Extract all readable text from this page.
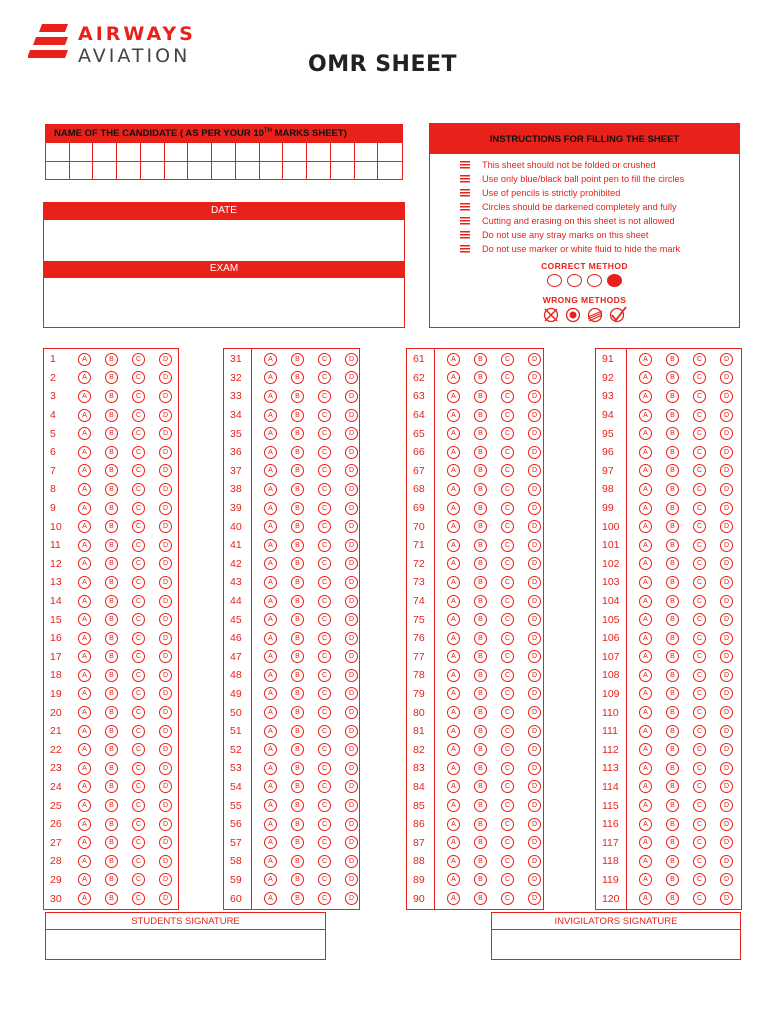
AIRWAYS
AVIATION	OMR SHEET
NAME OF THE CANDIDATE ( AS PER YOUR 10TH MARKS SHEET)
DATE
EXAM
INSTRUCTIONS FOR FILLING THE SHEET
This sheet should not be folded or crushed
Use only blue/black ball point pen to fill the circles
Use of pencils is strictly prohibited
Circles should be darkened completely and fully
Cutting and erasing on this sheet is not allowed
Do not use any stray marks on this sheet
Do not use marker or white fluid to hide the mark
CORRECT METHOD
WRONG METHODS
1	A	B	C	D
2	A	B	C	D
3	A	B	C	D
4	A	B	C	D
5	A	B	C	D
6	A	B	C	D
7	A	B	C	D
8	A	B	C	D
9	A	B	C	D
10	A	B	C	D
11	A	B	C	D
12	A	B	C	D
13	A	B	C	D
14	A	B	C	D
15	A	B	C	D
16	A	B	C	D
17	A	B	C	D
18	A	B	C	D
19	A	B	C	D
20	A	B	C	D
21	A	B	C	D
22	A	B	C	D
23	A	B	C	D
24	A	B	C	D
25	A	B	C	D
26	A	B	C	D
27	A	B	C	D
28	A	B	C	D
29	A	B	C	D
30	A	B	C	D
31	A	B	C	D
32	A	B	C	D
33	A	B	C	D
34	A	B	C	D
35	A	B	C	D
36	A	B	C	D
37	A	B	C	D
38	A	B	C	D
39	A	B	C	D
40	A	B	C	D
41	A	B	C	D
42	A	B	C	D
43	A	B	C	D
44	A	B	C	D
45	A	B	C	D
46	A	B	C	D
47	A	B	C	D
48	A	B	C	D
49	A	B	C	D
50	A	B	C	D
51	A	B	C	D
52	A	B	C	D
53	A	B	C	D
54	A	B	C	D
55	A	B	C	D
56	A	B	C	D
57	A	B	C	D
58	A	B	C	D
59	A	B	C	D
60	A	B	C	D
61	A	B	C	D
62	A	B	C	D
63	A	B	C	D
64	A	B	C	D
65	A	B	C	D
66	A	B	C	D
67	A	B	C	D
68	A	B	C	D
69	A	B	C	D
70	A	B	C	D
71	A	B	C	D
72	A	B	C	D
73	A	B	C	D
74	A	B	C	D
75	A	B	C	D
76	A	B	C	D
77	A	B	C	D
78	A	B	C	D
79	A	B	C	D
80	A	B	C	D
81	A	B	C	D
82	A	B	C	D
83	A	B	C	D
84	A	B	C	D
85	A	B	C	D
86	A	B	C	D
87	A	B	C	D
88	A	B	C	D
89	A	B	C	D
90	A	B	C	D
91	A	B	C	D
92	A	B	C	D
93	A	B	C	D
94	A	B	C	D
95	A	B	C	D
96	A	B	C	D
97	A	B	C	D
98	A	B	C	D
99	A	B	C	D
100	A	B	C	D
101	A	B	C	D
102	A	B	C	D
103	A	B	C	D
104	A	B	C	D
105	A	B	C	D
106	A	B	C	D
107	A	B	C	D
108	A	B	C	D
109	A	B	C	D
110	A	B	C	D
111	A	B	C	D
112	A	B	C	D
113	A	B	C	D
114	A	B	C	D
115	A	B	C	D
116	A	B	C	D
117	A	B	C	D
118	A	B	C	D
119	A	B	C	D
120	A	B	C	D
STUDENTS SIGNATURE	INVIGILATORS SIGNATURE
